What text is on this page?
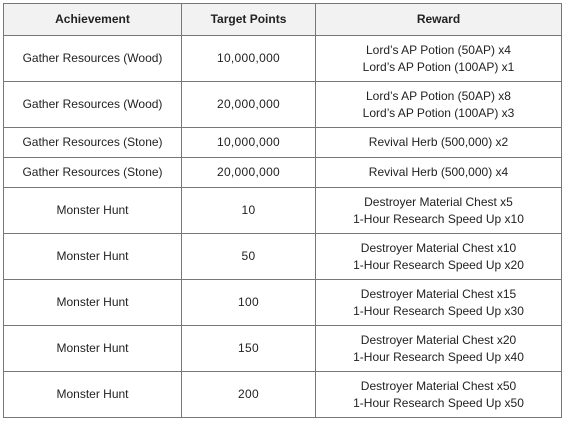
Achievement	Target Points	Reward
Gather Resources (Wood)	10,000,000	Lord’s AP Potion (50AP) x4
Lord’s AP Potion (100AP) x1

Gather Resources (Wood)	20,000,000	Lord’s AP Potion (50AP) x8
Lord’s AP Potion (100AP) x3

Gather Resources (Stone)	10,000,000	Revival Herb (500,000) x2

Gather Resources (Stone)	20,000,000	Revival Herb (500,000) x4

Monster Hunt	10	Destroyer Material Chest x5
1-Hour Research Speed Up x10

Monster Hunt	50	Destroyer Material Chest x10
1-Hour Research Speed Up x20

Monster Hunt	100	Destroyer Material Chest x15
1-Hour Research Speed Up x30

Monster Hunt	150	Destroyer Material Chest x20
1-Hour Research Speed Up x40

Monster Hunt	200	Destroyer Material Chest x50
1-Hour Research Speed Up x50
